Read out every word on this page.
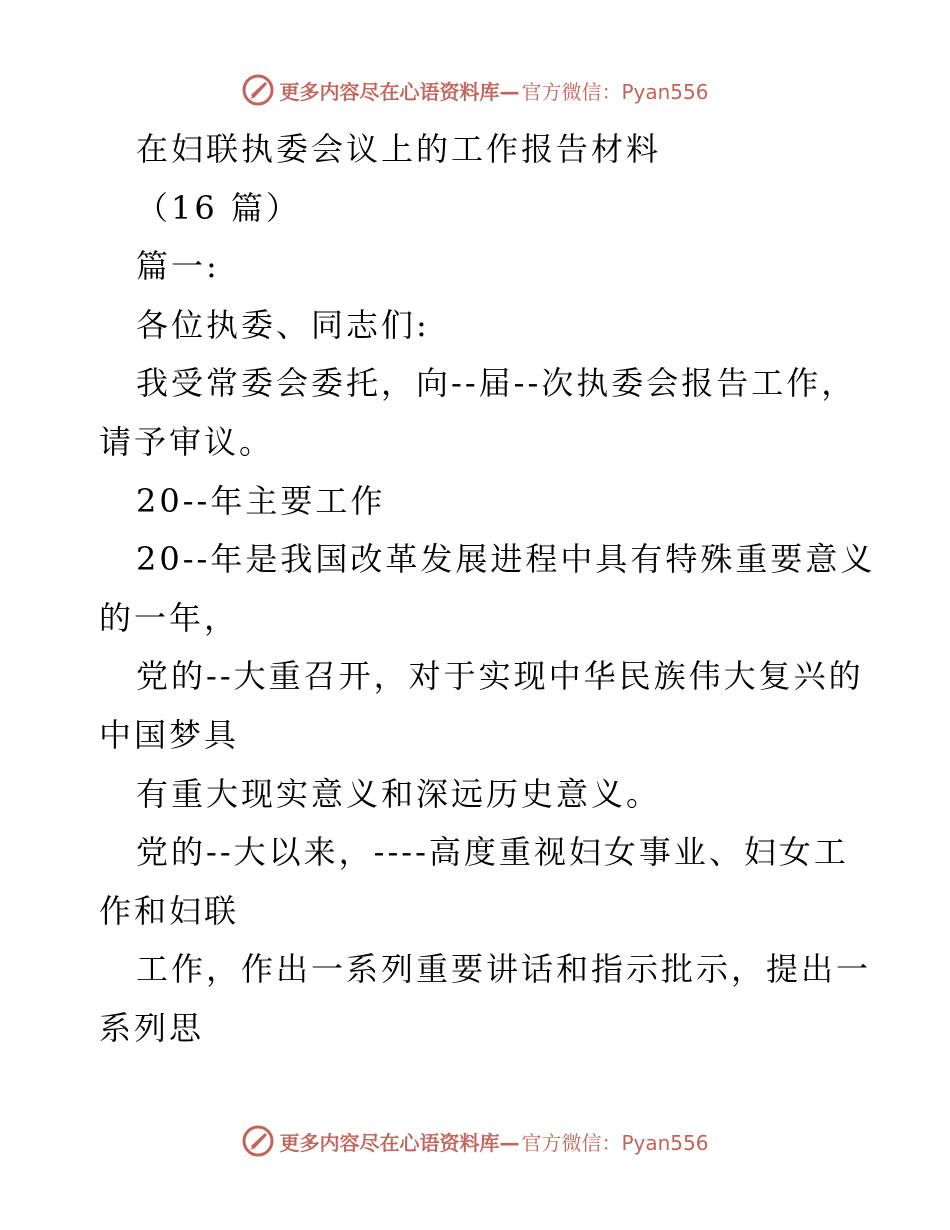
更多内容尽在心语资料库— 官方微信：Pyan556
在妇联执委会议上的工作报告材料
（16 篇）
篇一:
各位执委、同志们:
我受常委会委托，向--届--次执委会报告工作，
请予审议。
20--年主要工作
20--年是我国改革发展进程中具有特殊重要意义
的一年，
党的--大重召开，对于实现中华民族伟大复兴的
中国梦具
有重大现实意义和深远历史意义。
党的--大以来，----高度重视妇女事业、妇女工
作和妇联
工作，作出一系列重要讲话和指示批示，提出一
系列思
更多内容尽在心语资料库— 官方微信：Pyan556
